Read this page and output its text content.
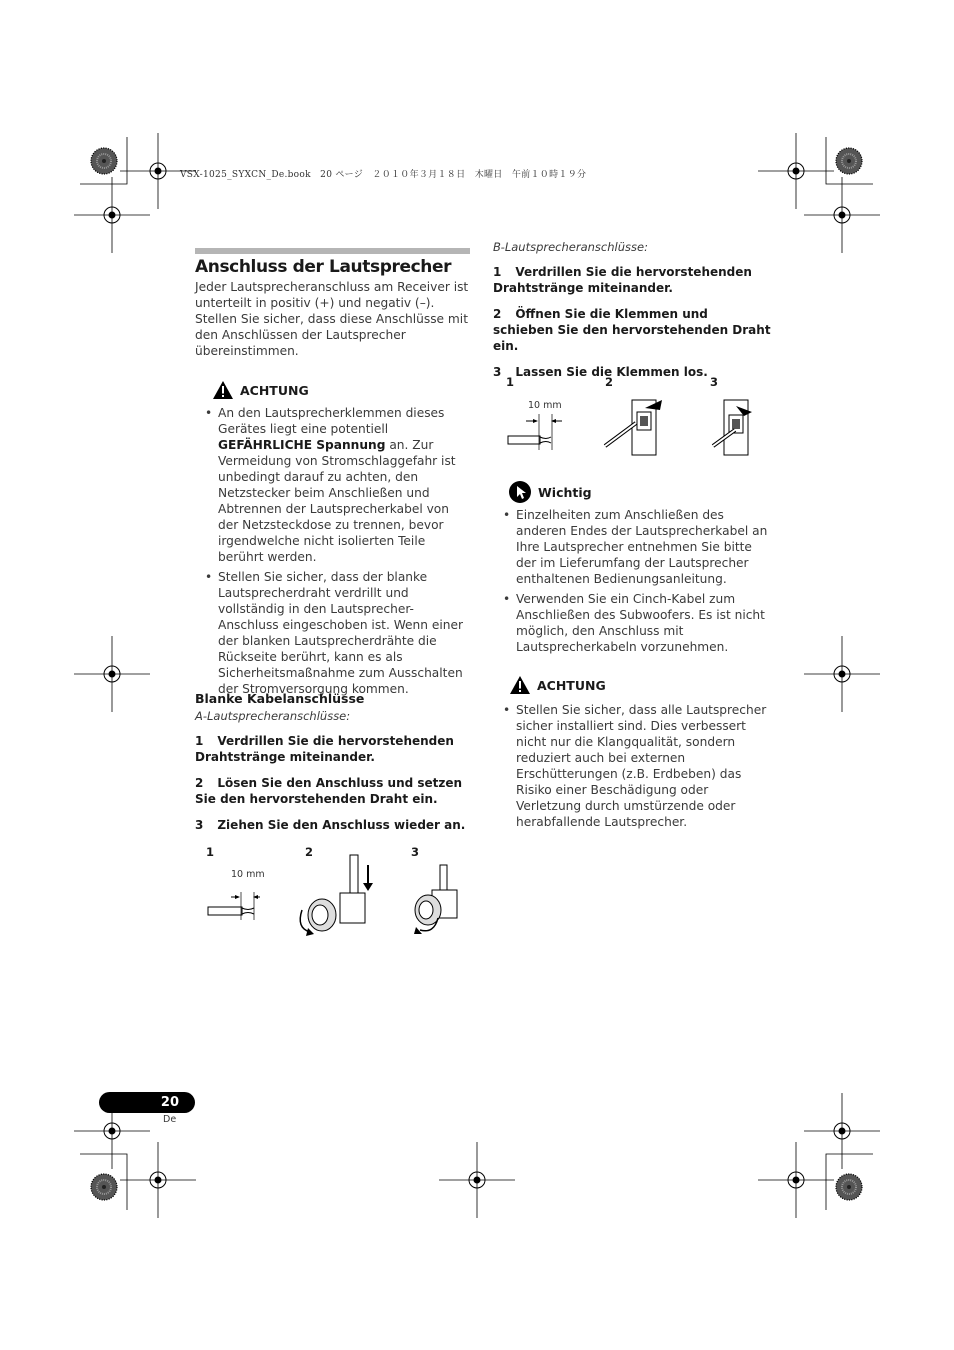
VSX-1025_SYXCN_De.book　20 ページ　２０１０年３月１８日　木曜日　午前１０時１９分
Anschluss der Lautsprecher
Jeder Lautsprecheranschluss am Receiver ist unterteilt in positiv (+) und negativ (–). Stellen Sie sicher, dass diese Anschlüsse mit den Anschlüssen der Lautsprecher übereinstimmen.
ACHTUNG
• An den Lautsprecherklemmen dieses Gerätes liegt eine potentiell GEFÄHRLICHE Spannung an. Zur Vermeidung von Stromschlaggefahr ist unbedingt darauf zu achten, den Netzstecker beim Anschließen und Abtrennen der Lautsprecherkabel von der Netzsteckdose zu trennen, bevor irgendwelche nicht isolierten Teile berührt werden.
• Stellen Sie sicher, dass der blanke Lautsprecherdraht verdrillt und vollständig in den Lautsprecher-Anschluss eingeschoben ist. Wenn einer der blanken Lautsprecherdrähte die Rückseite berührt, kann es als Sicherheitsmaßnahme zum Ausschalten der Stromversorgung kommen.
Blanke Kabelanschlüsse
A-Lautsprecheranschlüsse:
1 Verdrillen Sie die hervorstehenden Drahtstränge miteinander.
2 Lösen Sie den Anschluss und setzen Sie den hervorstehenden Draht ein.
3 Ziehen Sie den Anschluss wieder an.
1	2	3
10 mm
B-Lautsprecheranschlüsse:
1 Verdrillen Sie die hervorstehenden Drahtstränge miteinander.
2 Öffnen Sie die Klemmen und schieben Sie den hervorstehenden Draht ein.
3 Lassen Sie die Klemmen los.
1	2	3
10 mm
Wichtig
• Einzelheiten zum Anschließen des anderen Endes der Lautsprecherkabel an Ihre Lautsprecher entnehmen Sie bitte der im Lieferumfang der Lautsprecher enthaltenen Bedienungsanleitung.
• Verwenden Sie ein Cinch-Kabel zum Anschließen des Subwoofers. Es ist nicht möglich, den Anschluss mit Lautsprecherkabeln vorzunehmen.
ACHTUNG
• Stellen Sie sicher, dass alle Lautsprecher sicher installiert sind. Dies verbessert nicht nur die Klangqualität, sondern reduziert auch bei externen Erschütterungen (z.B. Erdbeben) das Risiko einer Beschädigung oder Verletzung durch umstürzende oder herabfallende Lautsprecher.
20
De
